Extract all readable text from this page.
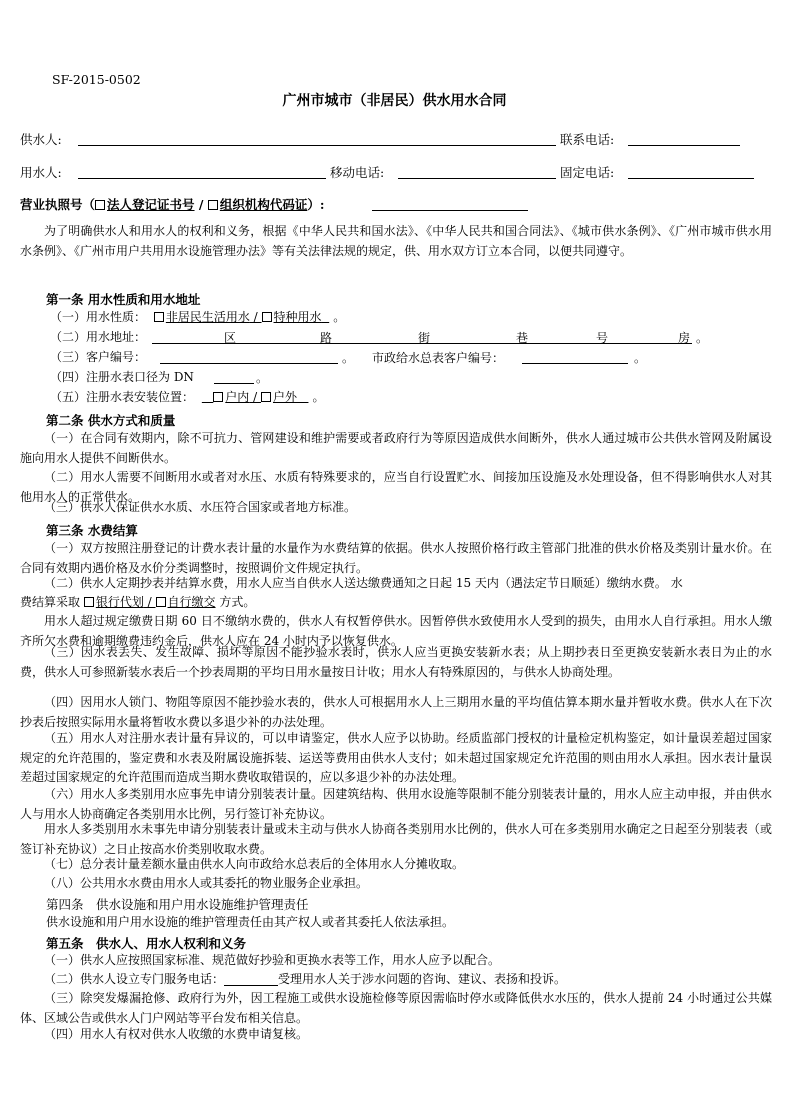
SF-2015-0502
广州市城市（非居民）供水用水合同
供水人:	联系电话:
用水人:	移动电话:	固定电话:
营业执照号（ 法人登记证书号 / 组织机构代码证）:
为了明确供水人和用水人的权利和义务，根据《中华人民共和国水法》、《中华人民共和国合同法》、《城市供水条例》、《广州市城市供水用水条例》、《广州市用户共用用水设施管理办法》等有关法律法规的规定，供、用水双方订立本合同，以便共同遵守。
第一条 用水性质和用水地址
（一）用水性质： 非居民生活用水 / 特种用水 。
（二）用水地址：	区	路	街	巷	号	房 。
（三）客户编号：	。 市政给水总表客户编号：	。
（四）注册水表口径为 DN	。
（五）注册水表安装位置：	户内 / 户外 。
第二条 供水方式和质量
（一）在合同有效期内，除不可抗力、管网建设和维护需要或者政府行为等原因造成供水间断外，供水人通过城市公共供水管网及附属设施向用水人提供不间断供水。
（二）用水人需要不间断用水或者对水压、水质有特殊要求的，应当自行设置贮水、间接加压设施及水处理设备，但不得影响供水人对其他用水人的正常供水。
（三）供水人保证供水水质、水压符合国家或者地方标准。
第三条 水费结算
（一）双方按照注册登记的计费水表计量的水量作为水费结算的依据。供水人按照价格行政主管部门批准的供水价格及类别计量水价。在合同有效期内遇价格及水价分类调整时，按照调价文件规定执行。
（二）供水人定期抄表并结算水费，用水人应当自供水人送达缴费通知之日起 15 天内（遇法定节日顺延）缴纳水费。 水
费结算采取 银行代划 / 自行缴交 方式。
用水人超过规定缴费日期 60 日不缴纳水费的，供水人有权暂停供水。因暂停供水致使用水人受到的损失，由用水人自行承担。用水人缴齐所欠水费和逾期缴费违约金后，供水人应在 24 小时内予以恢复供水。
（三）因水表丢失、发生故障、损坏等原因不能抄验水表时，供水人应当更换安装新水表；从上期抄表日至更换安装新水表日为止的水费，供水人可参照新装水表后一个抄表周期的平均日用水量按日计收；用水人有特殊原因的，与供水人协商处理。
（四）因用水人锁门、物阻等原因不能抄验水表的，供水人可根据用水人上三期用水量的平均值估算本期水量并暂收水费。供水人在下次抄表后按照实际用水量将暂收水费以多退少补的办法处理。
（五）用水人对注册水表计量有异议的，可以申请鉴定，供水人应予以协助。经质监部门授权的计量检定机构鉴定，如计量误差超过国家规定的允许范围的，鉴定费和水表及附属设施拆装、运送等费用由供水人支付；如未超过国家规定允许范围的则由用水人承担。因水表计量误差超过国家规定的允许范围而造成当期水费收取错误的，应以多退少补的办法处理。
（六）用水人多类别用水应事先申请分别装表计量。因建筑结构、供用水设施等限制不能分别装表计量的，用水人应主动申报，并由供水人与用水人协商确定各类别用水比例，另行签订补充协议。
用水人多类别用水未事先申请分别装表计量或未主动与供水人协商各类别用水比例的，供水人可在多类别用水确定之日起至分别装表（或签订补充协议）之日止按高水价类别收取水费。
（七）总分表计量差额水量由供水人向市政给水总表后的全体用水人分摊收取。
（八）公共用水水费由用水人或其委托的物业服务企业承担。
第四条　供水设施和用户用水设施维护管理责任
供水设施和用户用水设施的维护管理责任由其产权人或者其委托人依法承担。
第五条　供水人、用水人权利和义务
（一）供水人应按照国家标准、规范做好抄验和更换水表等工作，用水人应予以配合。
（二）供水人设立专门服务电话：	受理用水人关于涉水问题的咨询、建议、表扬和投诉。
（三）除突发爆漏抢修、政府行为外，因工程施工或供水设施检修等原因需临时停水或降低供水水压的，供水人提前 24 小时通过公共媒体、区域公告或供水人门户网站等平台发布相关信息。
（四）用水人有权对供水人收缴的水费申请复核。
